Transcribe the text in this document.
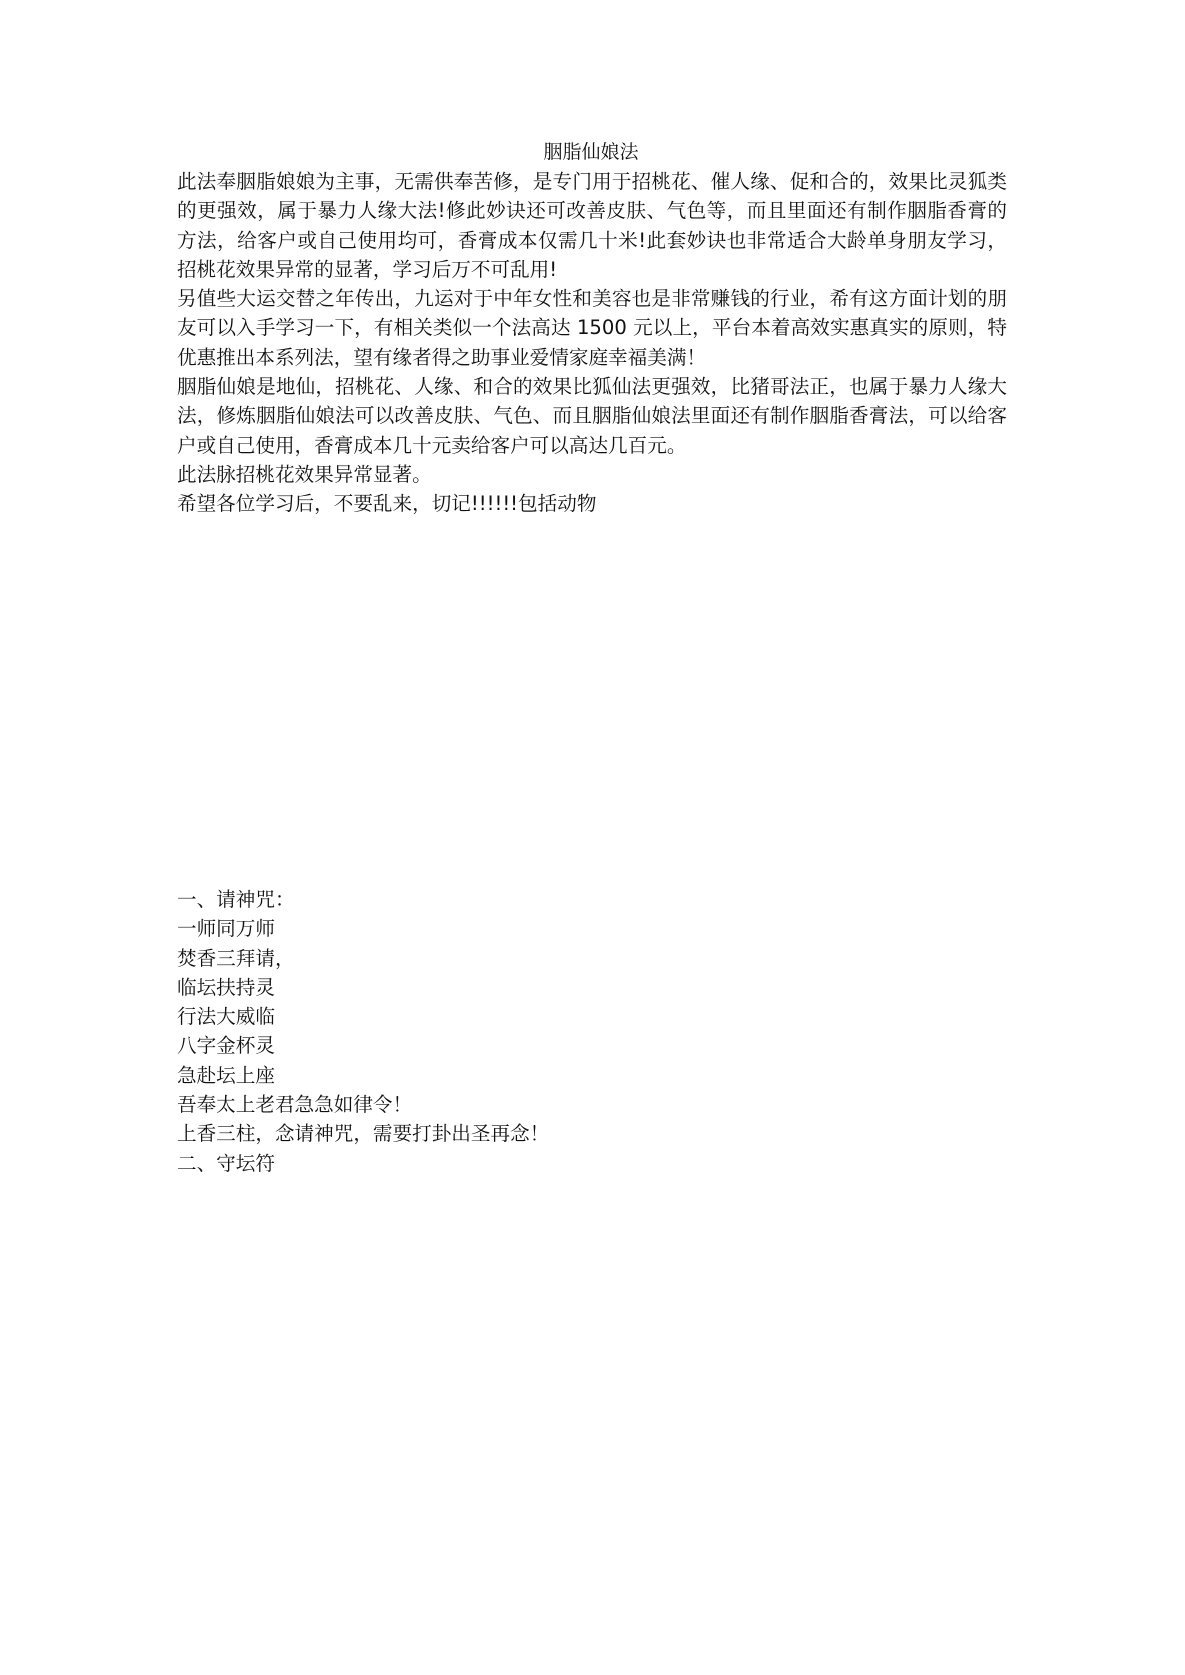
胭脂仙娘法

此法奉胭脂娘娘为主事，无需供奉苦修，是专门用于招桃花、催人缘、促和合的，效果比灵狐类的更强效，属于暴力人缘大法!修此妙诀还可改善皮肤、气色等，而且里面还有制作胭脂香膏的方法，给客户或自己使用均可，香膏成本仅需几十米!此套妙诀也非常适合大龄单身朋友学习，招桃花效果异常的显著，学习后万不可乱用!

另值些大运交替之年传出，九运对于中年女性和美容也是非常赚钱的行业，希有这方面计划的朋友可以入手学习一下，有相关类似一个法高达 1500 元以上，平台本着高效实惠真实的原则，特优惠推出本系列法，望有缘者得之助事业爱情家庭幸福美满！

胭脂仙娘是地仙，招桃花、人缘、和合的效果比狐仙法更强效，比猪哥法正，也属于暴力人缘大法，修炼胭脂仙娘法可以改善皮肤、气色、而且胭脂仙娘法里面还有制作胭脂香膏法，可以给客户或自己使用，香膏成本几十元卖给客户可以高达几百元。

此法脉招桃花效果异常显著。

希望各位学习后，不要乱来，切记!!!!!!包括动物

一、请神咒：

一师同万师

焚香三拜请，

临坛扶持灵

行法大威临

八字金杯灵

急赴坛上座

吾奉太上老君急急如律令！

上香三柱，念请神咒，需要打卦出圣再念！

二、守坛符
